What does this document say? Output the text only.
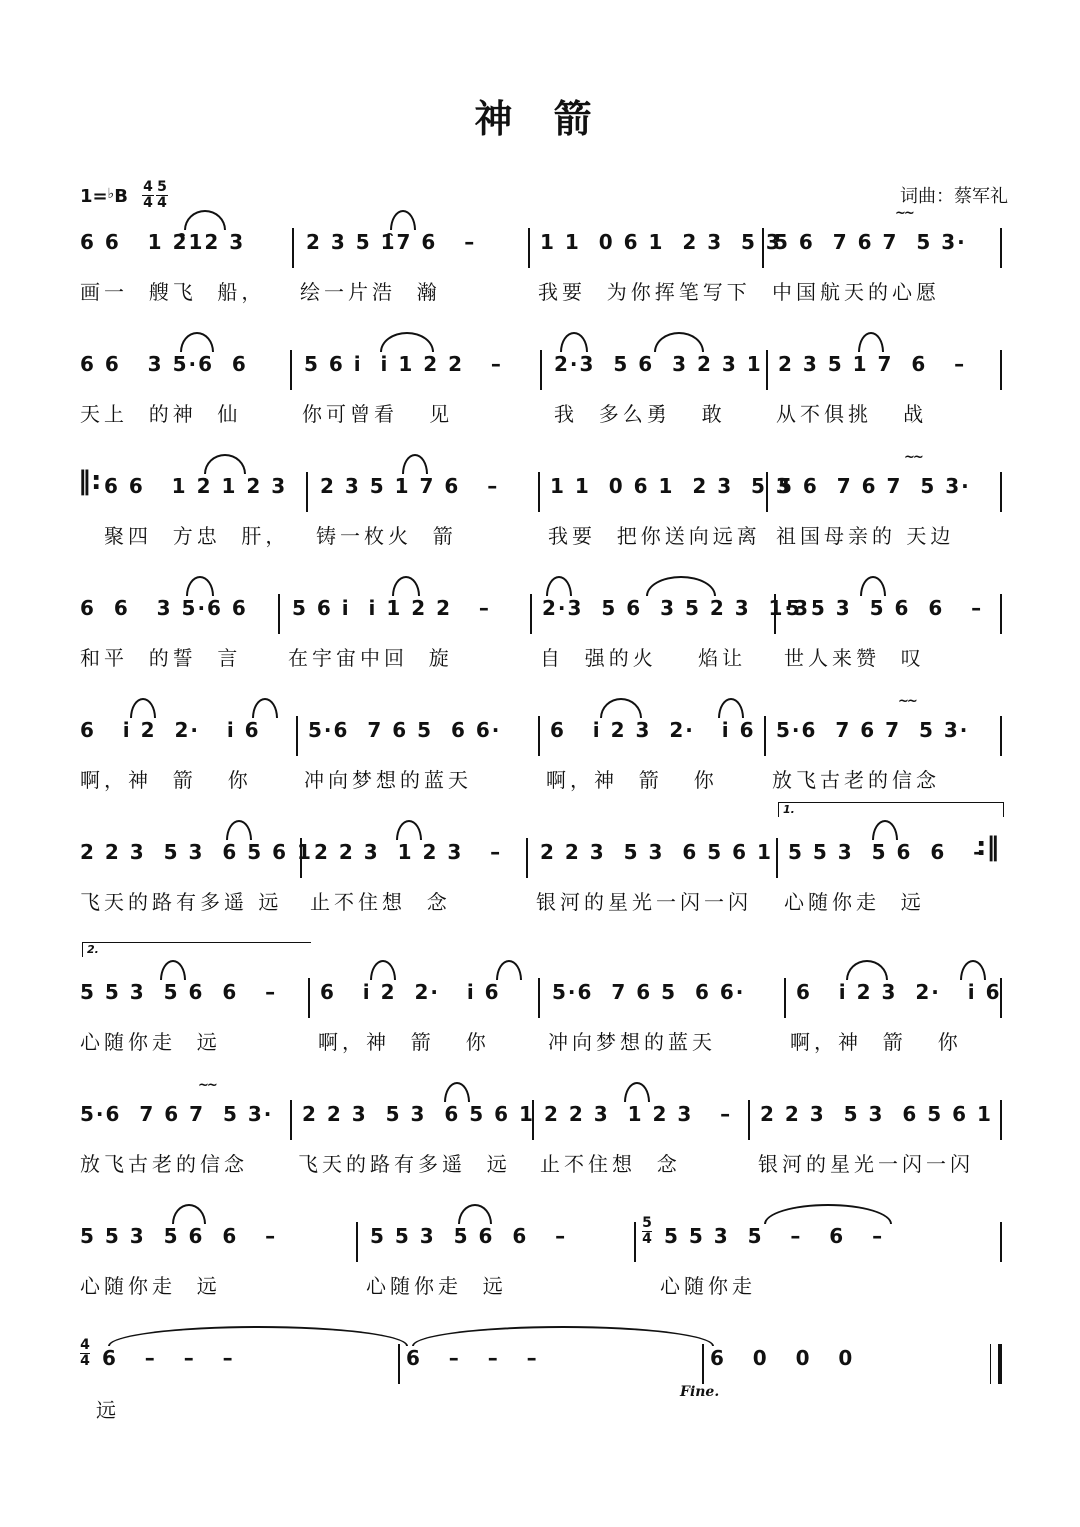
神 箭
1=♭B 4
4
5
4	词曲：蔡军礼
6 6   1 2̑12 3	2 3 5 1̑7 6   –	1 1  0 6 1  2 3  5 3
5 6  7 6 7  5 3·
~~
画一  艘飞  船， 绘一片浩  瀚	我要  为你挥笔写下 中国航天的心愿
6 6   3 5·6  6	5 6 i  i 1 2 2   –	2·3  5 6  3 2 3 1 2 3 5 1 7  6   –
天上  的神  仙	你可曾看   见	我  多么勇   敢	从不俱挑   战
‖: 6 6   1 2 1 2 3 2 3 5 1 7 6   –	1 1  0 6 1  2 3  5 3
5 6  7 6 7  5 3·
~~
聚四  方忠  肝， 铸一枚火  箭	我要  把你送向远离 祖国母亲的 天边
6  6   3 5·6 6 5 6 i  i 1 2 2   –	2·3  5 6  3 5 2 3  1·3
5 5 3  5 6  6   –
和平  的誓  言 在宇宙中回  旋	自  强的火    焰让 世人来赞  叹
6   i 2  2·   i 6 5·6  7 6 5  6 6· 6   i 2 3  2·   i 6 5·6  7 6 7  5 3·
~~
啊，神  箭   你	冲向梦想的蓝天	啊，神  箭   你	放飞古老的信念
2 2 3  5 3  6 5 6 1 2 2 3  1 2 3   – 2 2 3  5 3  6 5 6 1
1.
5 5 3  5 6  6   –
:‖
飞天的路有多遥 远 止不住想  念	银河的星光一闪一闪 心随你走  远
2.
5 5 3  5 6  6   – 6   i 2  2·   i 6	5·6  7 6 5  6 6·	6   i 2 3  2·   i 6
心随你走  远	啊，神  箭   你	冲向梦想的蓝天	啊，神  箭   你
5·6  7 6 7  5 3·
~~
2 2 3  5 3  6 5 6 1 2 2 3  1 2 3   – 2 2 3  5 3  6 5 6 1
放飞古老的信念	飞天的路有多遥  远 止不住想  念	银河的星光一闪一闪
5 5 3  5 6  6   –	5 5 3  5 6  6   –
5
4 5 5 3  5   –   6   –
心随你走  远	心随你走  远	心随你走
4
4 6   –   –   –	6   –   –   –	6   0   0   0
Fine.
远
